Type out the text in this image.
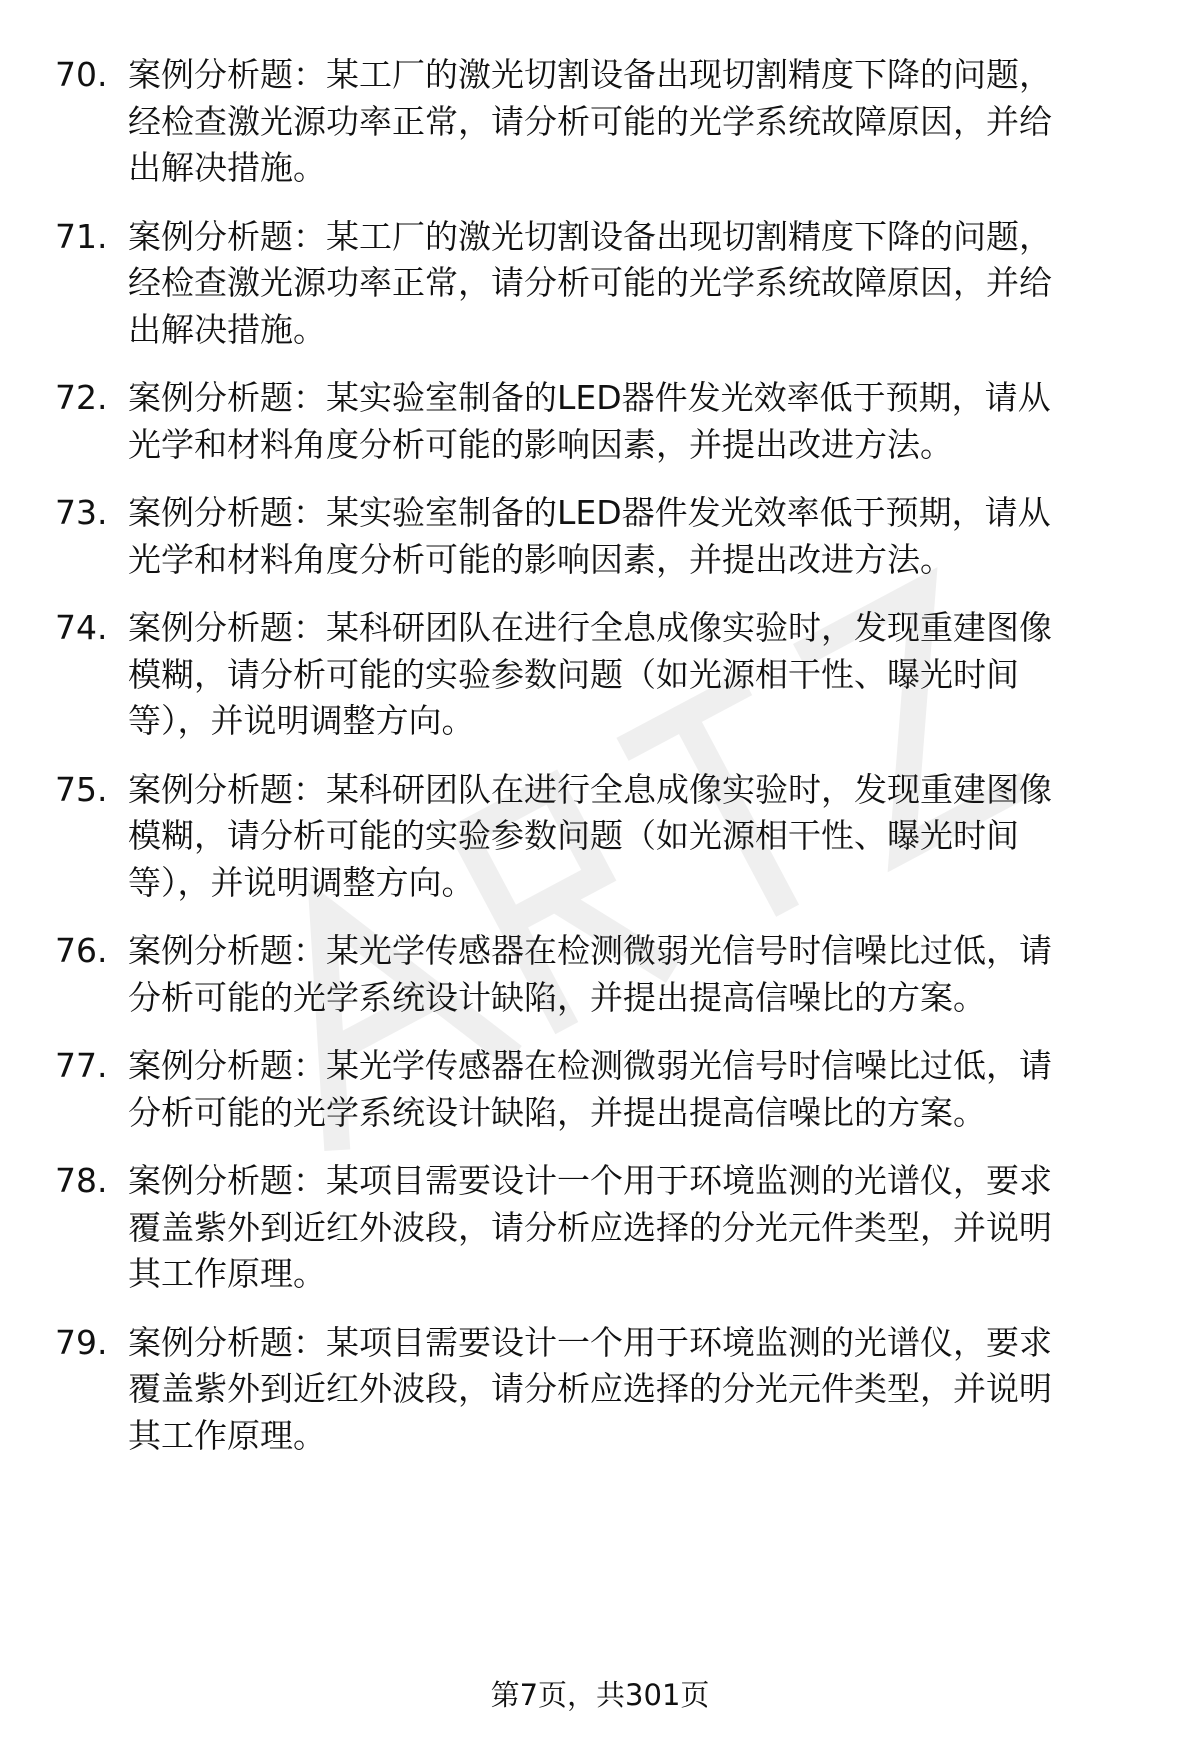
70. 案例分析题：某工厂的激光切割设备出现切割精度下降的问题，
经检查激光源功率正常，请分析可能的光学系统故障原因，并给
出解决措施。
71. 案例分析题：某工厂的激光切割设备出现切割精度下降的问题，
经检查激光源功率正常，请分析可能的光学系统故障原因，并给
出解决措施。
72. 案例分析题：某实验室制备的LED器件发光效率低于预期，请从
光学和材料角度分析可能的影响因素，并提出改进方法。
73. 案例分析题：某实验室制备的LED器件发光效率低于预期，请从
光学和材料角度分析可能的影响因素，并提出改进方法。
74. 案例分析题：某科研团队在进行全息成像实验时，发现重建图像
模糊，请分析可能的实验参数问题（如光源相干性、曝光时间
等），并说明调整方向。
75. 案例分析题：某科研团队在进行全息成像实验时，发现重建图像
模糊，请分析可能的实验参数问题（如光源相干性、曝光时间
等），并说明调整方向。
76. 案例分析题：某光学传感器在检测微弱光信号时信噪比过低，请
分析可能的光学系统设计缺陷，并提出提高信噪比的方案。
77. 案例分析题：某光学传感器在检测微弱光信号时信噪比过低，请
分析可能的光学系统设计缺陷，并提出提高信噪比的方案。
78. 案例分析题：某项目需要设计一个用于环境监测的光谱仪，要求
覆盖紫外到近红外波段，请分析应选择的分光元件类型，并说明
其工作原理。
79. 案例分析题：某项目需要设计一个用于环境监测的光谱仪，要求
覆盖紫外到近红外波段，请分析应选择的分光元件类型，并说明
其工作原理。
第7页，共301页
